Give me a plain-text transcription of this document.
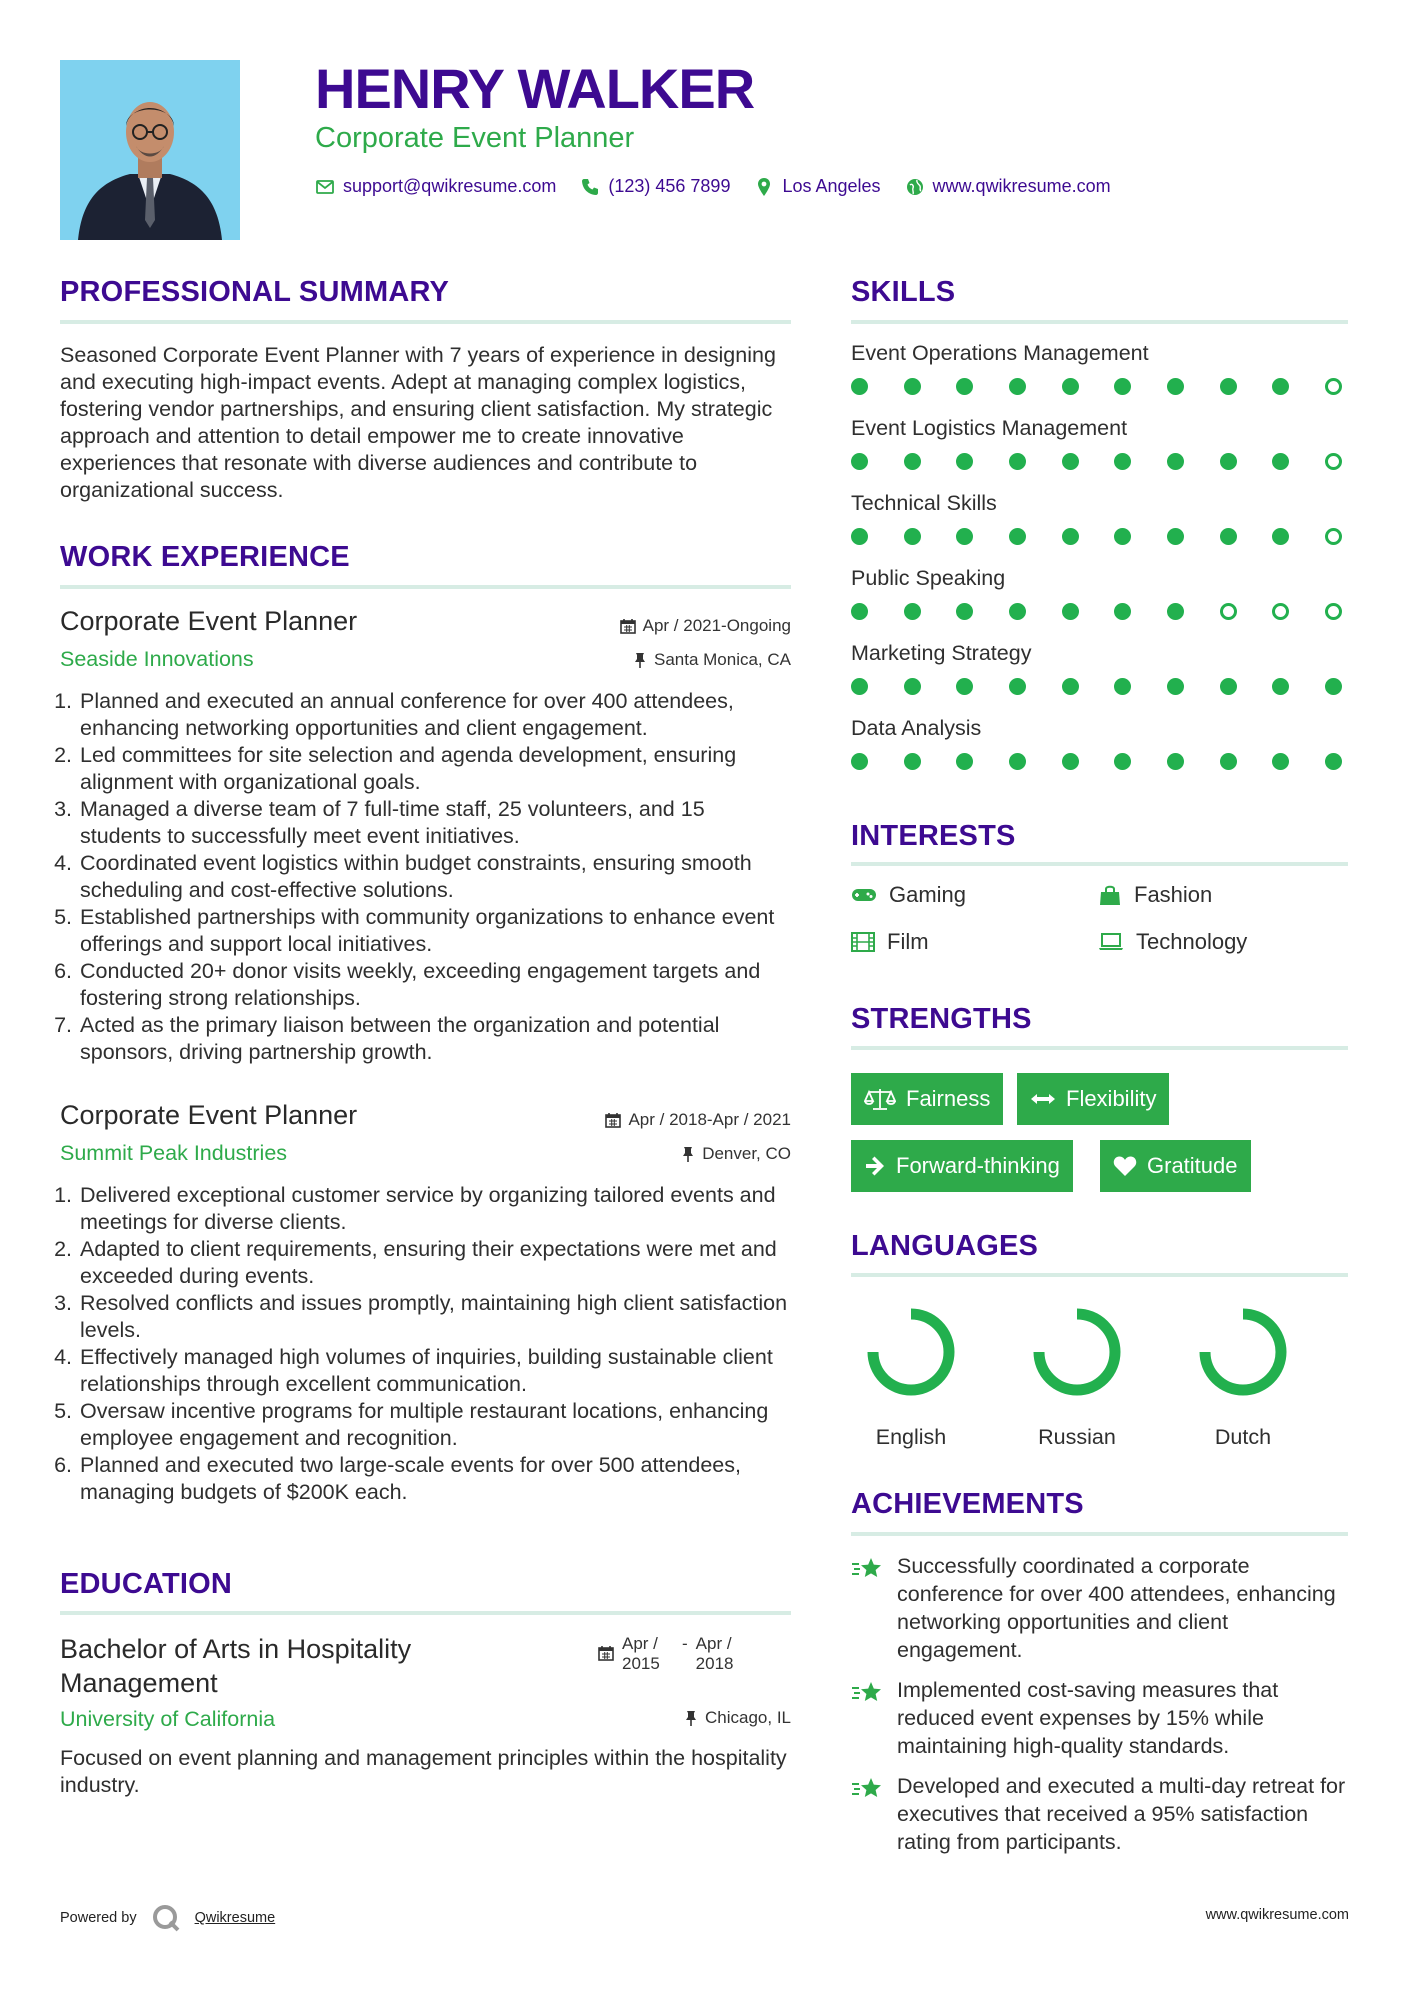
HENRY WALKER
Corporate Event Planner
support@qwikresume.com	(123) 456 7899	Los Angeles	www.qwikresume.com
PROFESSIONAL SUMMARY
Seasoned Corporate Event Planner with 7 years of experience in designing and executing high-impact events. Adept at managing complex logistics, fostering vendor partnerships, and ensuring client satisfaction. My strategic approach and attention to detail empower me to create innovative experiences that resonate with diverse audiences and contribute to organizational success.
WORK EXPERIENCE
Corporate Event Planner
Seaside Innovations
Apr / 2021-Ongoing
Santa Monica, CA
1. Planned and executed an annual conference for over 400 attendees, enhancing networking opportunities and client engagement.
2. Led committees for site selection and agenda development, ensuring alignment with organizational goals.
3. Managed a diverse team of 7 full-time staff, 25 volunteers, and 15 students to successfully meet event initiatives.
4. Coordinated event logistics within budget constraints, ensuring smooth scheduling and cost-effective solutions.
5. Established partnerships with community organizations to enhance event offerings and support local initiatives.
6. Conducted 20+ donor visits weekly, exceeding engagement targets and fostering strong relationships.
7. Acted as the primary liaison between the organization and potential sponsors, driving partnership growth.
Corporate Event Planner
Summit Peak Industries
Apr / 2018-Apr / 2021
Denver, CO
1. Delivered exceptional customer service by organizing tailored events and meetings for diverse clients.
2. Adapted to client requirements, ensuring their expectations were met and exceeded during events.
3. Resolved conflicts and issues promptly, maintaining high client satisfaction levels.
4. Effectively managed high volumes of inquiries, building sustainable client relationships through excellent communication.
5. Oversaw incentive programs for multiple restaurant locations, enhancing employee engagement and recognition.
6. Planned and executed two large-scale events for over 500 attendees, managing budgets of $200K each.
EDUCATION
Bachelor of Arts in Hospitality Management
Apr /
2015
- Apr /
2018
University of California	Chicago, IL
Focused on event planning and management principles within the hospitality industry.
SKILLS
Event Operations Management
Event Logistics Management
Technical Skills
Public Speaking
Marketing Strategy
Data Analysis
INTERESTS
Gaming	Fashion
Film	Technology
STRENGTHS
Fairness	Flexibility
Forward-thinking	Gratitude
LANGUAGES
English	Russian	Dutch
ACHIEVEMENTS
Successfully coordinated a corporate conference for over 400 attendees, enhancing networking opportunities and client engagement.
Implemented cost-saving measures that reduced event expenses by 15% while maintaining high-quality standards.
Developed and executed a multi-day retreat for executives that received a 95% satisfaction rating from participants.
Powered by	Qwikresume	www.qwikresume.com
